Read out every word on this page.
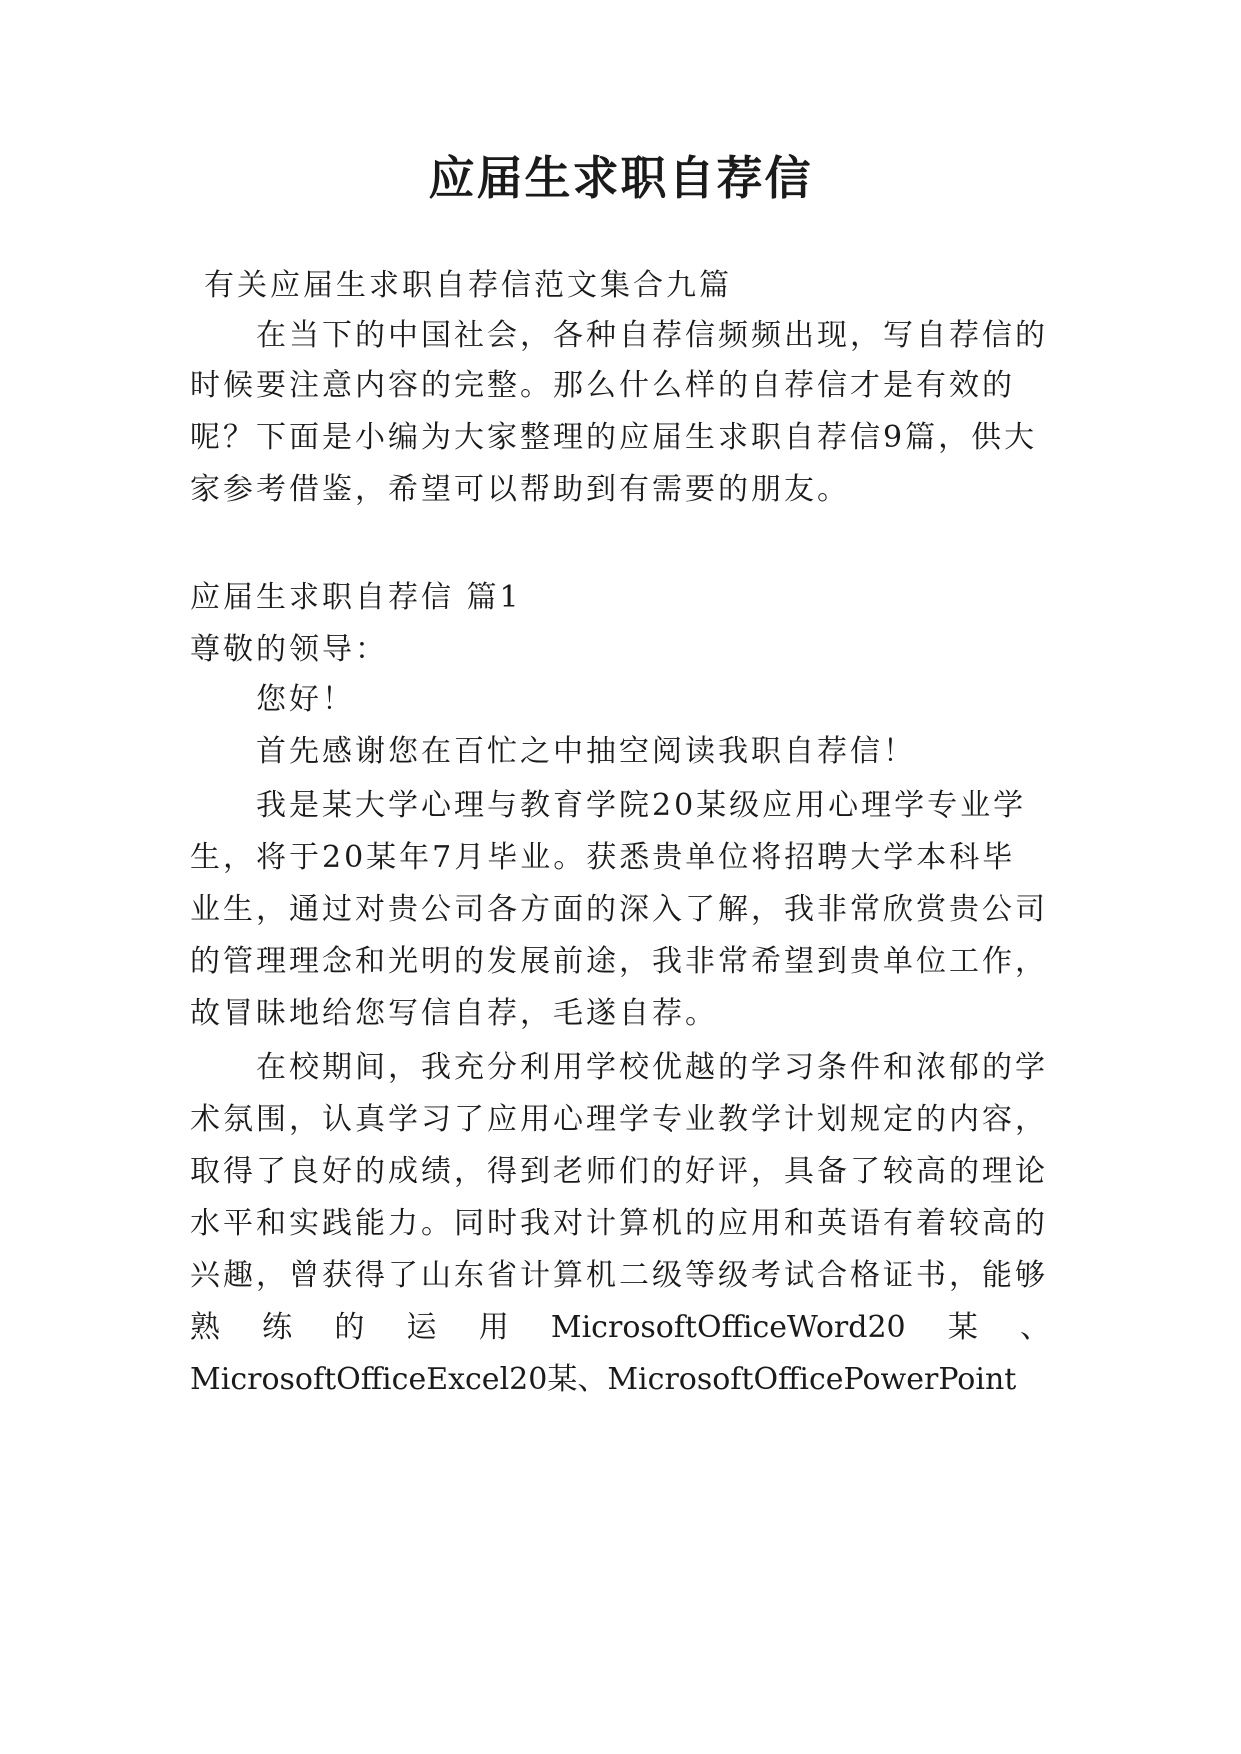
应届生求职自荐信
有关应届生求职自荐信范文集合九篇
在当下的中国社会，各种自荐信频频出现，写自荐信的
时候要注意内容的完整。那么什么样的自荐信才是有效的
呢？下面是小编为大家整理的应届生求职自荐信9篇，供大
家参考借鉴，希望可以帮助到有需要的朋友。
应届生求职自荐信 篇1
尊敬的领导：
您好！
首先感谢您在百忙之中抽空阅读我职自荐信！
我是某大学心理与教育学院20某级应用心理学专业学
生，将于20某年7月毕业。获悉贵单位将招聘大学本科毕
业生，通过对贵公司各方面的深入了解，我非常欣赏贵公司
的管理理念和光明的发展前途，我非常希望到贵单位工作，
故冒昧地给您写信自荐，毛遂自荐。
在校期间，我充分利用学校优越的学习条件和浓郁的学
术氛围，认真学习了应用心理学专业教学计划规定的内容，
取得了良好的成绩，得到老师们的好评，具备了较高的理论
水平和实践能力。同时我对计算机的应用和英语有着较高的
兴趣，曾获得了山东省计算机二级等级考试合格证书，能够
熟 练 的 运 用 MicrosoftOfficeWord20 某 、
MicrosoftOfficeExcel20某、MicrosoftOfficePowerPoint
